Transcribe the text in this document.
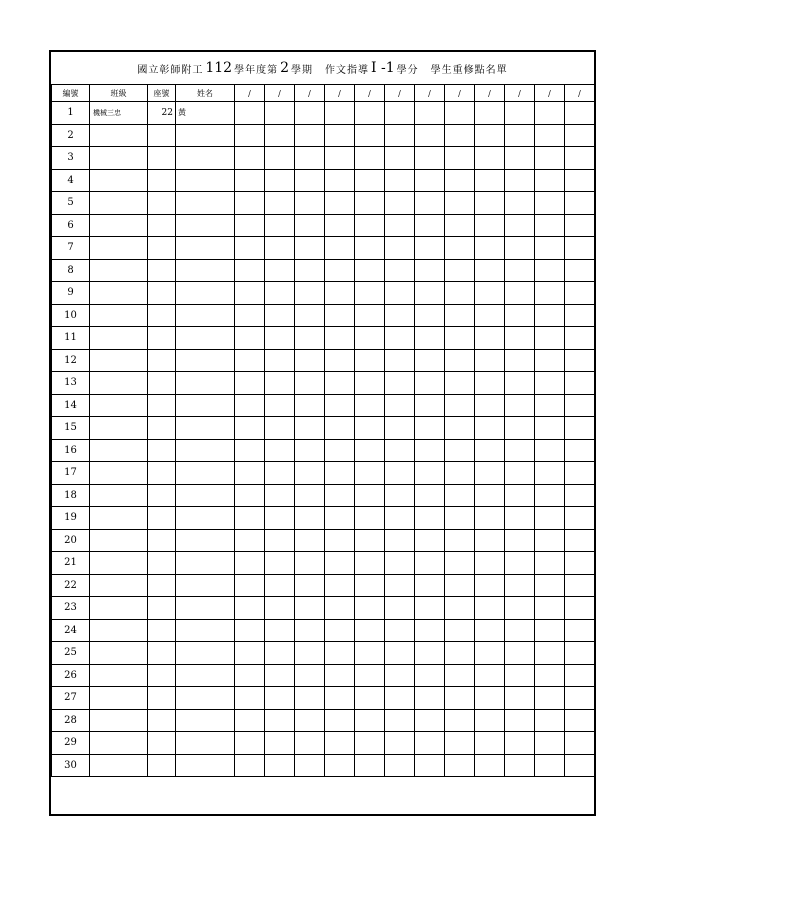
國立彰師附工 112 學年度第 2 學期 作文指導 I -1 學分 學生重修點名單
編號	班級	座號	姓名		/	/	/	/	/	/	/	/	/	/	/	/
1	機械三忠	22	黃													
2																
3																
4																
5																
6																
7																
8																
9																
10																
11																
12																
13																
14																
15																
16																
17																
18																
19																
20																
21																
22																
23																
24																
25																
26																
27																
28																
29																
30																
